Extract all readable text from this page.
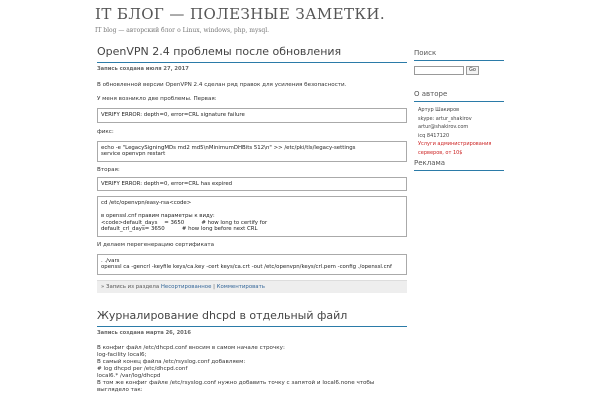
IT БЛОГ — ПОЛЕЗНЫЕ ЗАМЕТКИ.
IT blog — авторский блог о Linux, windows, php, mysql.
OpenVPN 2.4 проблемы после обновления
Запись создана июля 27, 2017
В обновленной версии OpenVPN 2.4 сделан ряд правок для усиления безопасности.
У меня возникло две проблемы. Первая:
VERIFY ERROR: depth=0, error=CRL signature failure
фикс:
echo -e "LegacySigningMDs md2 md5\nMinimumDHBits 512\n" >> /etc/pki/tls/legacy-settings
service openvpn restart
Вторая:
VERIFY ERROR: depth=0, error=CRL has expired
cd /etc/openvpn/easy-rsa<code>
в openssl.cnf правим параметры к виду:
<code>default_days    = 3650          # how long to certify for
default_crl_days= 3650          # how long before next CRL
И делаем перегенерацию сертификата
. ./vars
openssl ca -gencrl -keyfile keys/ca.key -cert keys/ca.crt -out /etc/openvpn/keys/crl.pem -config ./openssl.cnf
» Запись из раздела Несортированное | Комментировать
Журналирование dhcpd в отдельный файл
Запись создана марта 26, 2016
В конфиг файл /etc/dhcpd.conf вносим в самом начале строчку:
log-facility local6;
В самый конец файла /etc/rsyslog.conf добавляем:
# log dhcpd per /etc/dhcpd.conf
local6.* /var/log/dhcpd
В том же конфиг файле /etc/rsyslog.conf нужно добавить точку с запятой и local6.none чтобы
выглядело так:
Поиск
Go
О авторе
Артур Шакиров
skype: artur_shakirov
artur@shakirov.com
icq 8417120
Услуги администрирования
серверов, от 10$
Реклама
